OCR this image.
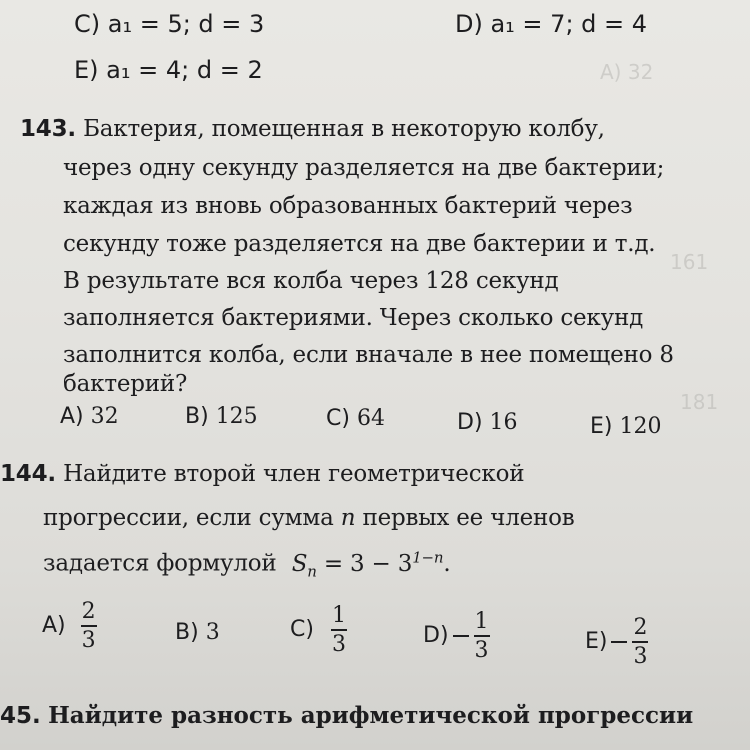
A) 32
161
181
C) a₁ = 5; d = 3	D) a₁ = 7; d = 4
E) a₁ = 4; d = 2
143. Бактерия, помещенная в некоторую колбу,
через одну секунду разделяется на две бактерии;
каждая из вновь образованных бактерий через
секунду тоже разделяется на две бактерии и т.д.
В результате вся колба через 128 секунд
заполняется бактериями. Через сколько секунд
заполнится колба, если вначале в нее помещено 8
бактерий?
A) 32	B) 125	C) 64	D) 16	E) 120
144. Найдите второй член геометрической
прогрессии, если сумма n первых ее членов
задается формулой $S_n = 3 - 3^{1-n}$.
$A) \frac{2}{3}$	B) 3	$C) \frac{1}{3}$	$D) \frac{1}{3}$	$E) \frac{2}{3}$
45. Найдите разность арифметической прогрессии
